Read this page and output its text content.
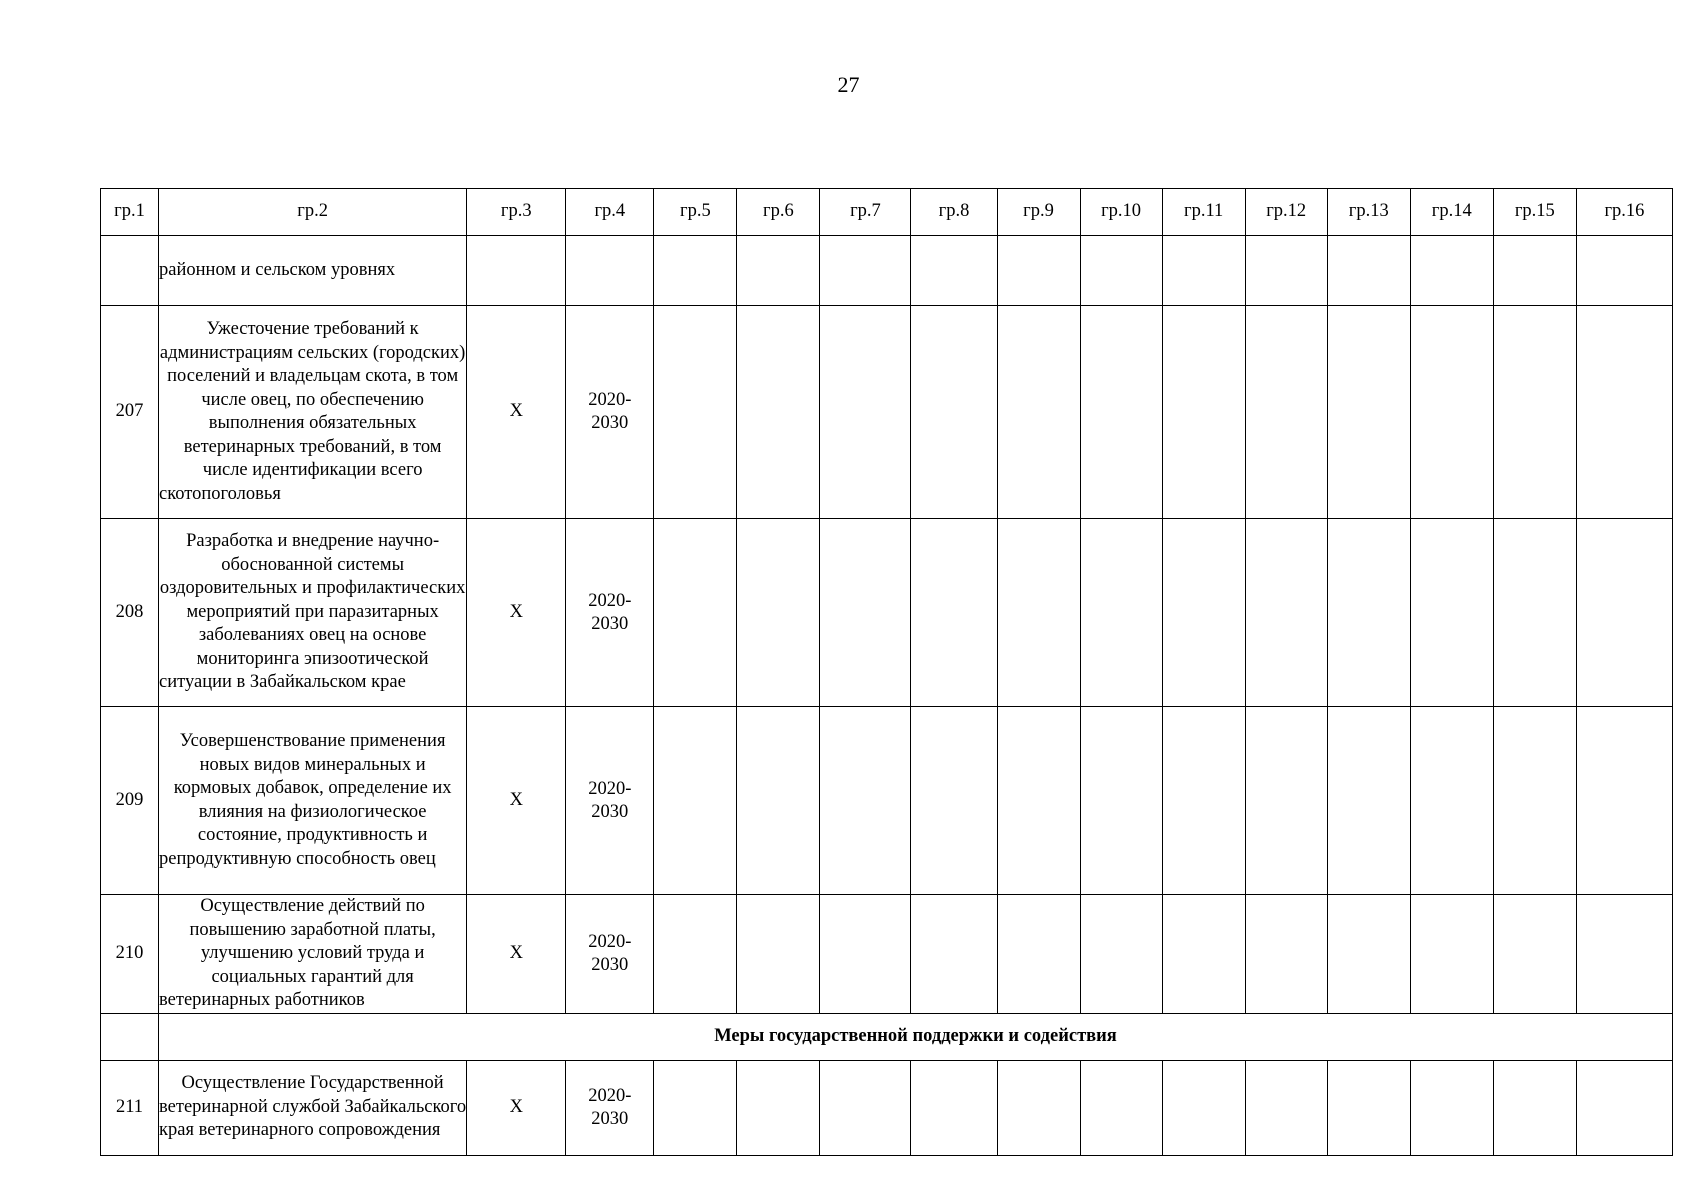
27
гр.1	гр.2	гр.3	гр.4	гр.5	гр.6	гр.7	гр.8	гр.9	гр.10	гр.11	гр.12	гр.13	гр.14	гр.15	гр.16
	районном и сельском уровнях														
207	Ужесточение требований к администрациям сельских (городских) поселений и владельцам скота, в том числе овец, по обеспечению выполнения обязательных ветеринарных требований, в том числе идентификации всего скотопоголовья	X	2020-
2030												
208	Разработка и внедрение научно-обоснованной системы оздоровительных и профилактических мероприятий при паразитарных заболеваниях овец на основе мониторинга эпизоотической ситуации в Забайкальском крае	X	2020-
2030												
209	Усовершенствование применения новых видов минеральных и кормовых добавок, определение их влияния на физиологическое состояние, продуктивность и репродуктивную способность овец	X	2020-
2030												
210	Осуществление действий по повышению заработной платы, улучшению условий труда и социальных гарантий для ветеринарных работников	X	2020-
2030												
	Меры государственной поддержки и содействия														
211	Осуществление Государственной ветеринарной службой Забайкальского края ветеринарного сопровождения	X	2020-
2030												
